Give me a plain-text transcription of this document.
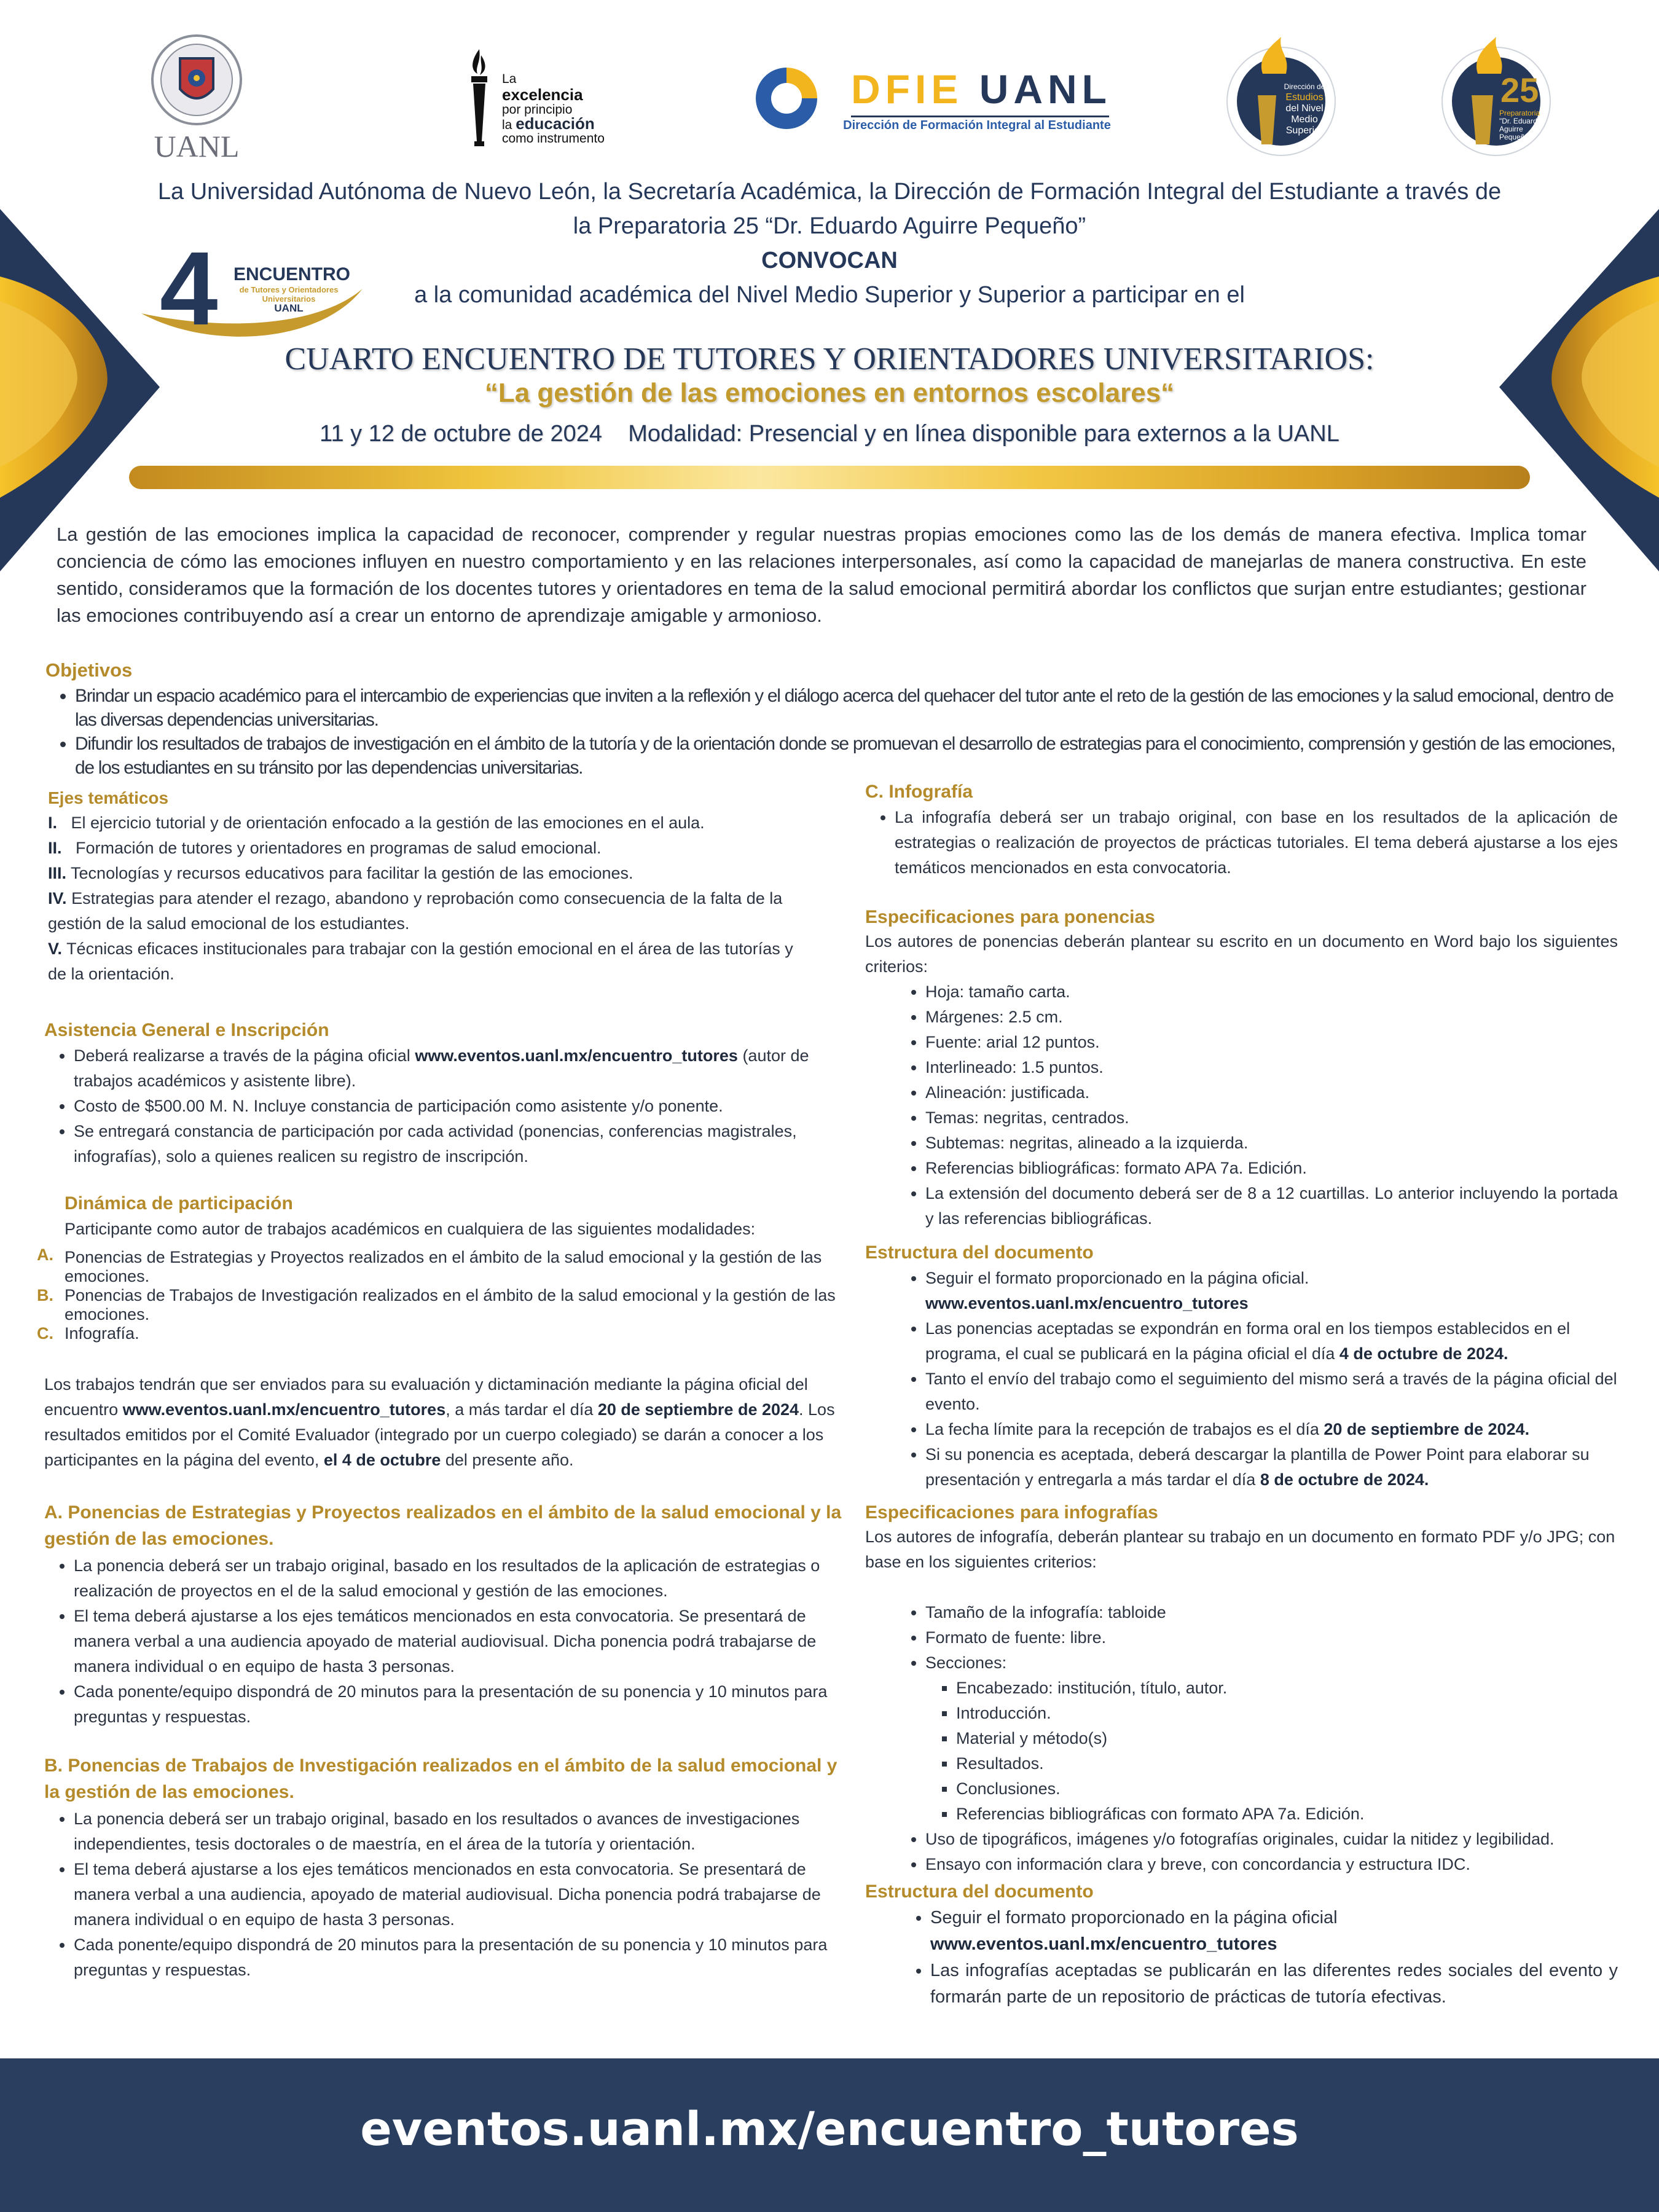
UANL
La
excelencia
por principio
la educación
como instrumento
DFIE UANL
Dirección de Formación Integral al Estudiante
Dirección de
Estudios
del Nivel
Medio
Superior
25
Preparatoria
"Dr. Eduardo
Aguirre
Pequeño"
La Universidad Autónoma de Nuevo León, la Secretaría Académica, la Dirección de Formación Integral del Estudiante a través de
la Preparatoria 25 “Dr. Eduardo Aguirre Pequeño”
CONVOCAN
a la comunidad académica del Nivel Medio Superior y Superior a participar en el
4 ENCUENTRO
de Tutores y Orientadores
Universitarios
UANL
CUARTO ENCUENTRO DE TUTORES Y ORIENTADORES UNIVERSITARIOS:
“La gestión de las emociones en entornos escolares“
11 y 12 de octubre de 2024 Modalidad: Presencial y en línea disponible para externos a la UANL
La gestión de las emociones implica la capacidad de reconocer, comprender y regular nuestras propias emociones como las de los demás de manera efectiva. Implica tomar conciencia de cómo las emociones influyen en nuestro comportamiento y en las relaciones interpersonales, así como la capacidad de manejarlas de manera constructiva. En este sentido, consideramos que la formación de los docentes tutores y orientadores en tema de la salud emocional permitirá abordar los conflictos que surjan entre estudiantes; gestionar las emociones contribuyendo así a crear un entorno de aprendizaje amigable y armonioso.
Objetivos
• Brindar un espacio académico para el intercambio de experiencias que inviten a la reflexión y el diálogo acerca del quehacer del tutor ante el reto de la gestión de las emociones y la salud emocional, dentro de las diversas dependencias universitarias.
• Difundir los resultados de trabajos de investigación en el ámbito de la tutoría y de la orientación donde se promuevan el desarrollo de estrategias para el conocimiento, comprensión y gestión de las emociones, de los estudiantes en su tránsito por las dependencias universitarias.
Ejes temáticos
I. El ejercicio tutorial y de orientación enfocado a la gestión de las emociones en el aula.
II. Formación de tutores y orientadores en programas de salud emocional.
III. Tecnologías y recursos educativos para facilitar la gestión de las emociones.
IV. Estrategias para atender el rezago, abandono y reprobación como consecuencia de la falta de la gestión de la salud emocional de los estudiantes.
V. Técnicas eficaces institucionales para trabajar con la gestión emocional en el área de las tutorías y de la orientación.
Asistencia General e Inscripción
• Deberá realizarse a través de la página oficial www.eventos.uanl.mx/encuentro_tutores (autor de trabajos académicos y asistente libre).
• Costo de $500.00 M. N. Incluye constancia de participación como asistente y/o ponente.
• Se entregará constancia de participación por cada actividad (ponencias, conferencias magistrales, infografías), solo a quienes realicen su registro de inscripción.
Dinámica de participación
Participante como autor de trabajos académicos en cualquiera de las siguientes modalidades:
A. Ponencias de Estrategias y Proyectos realizados en el ámbito de la salud emocional y la gestión de las emociones.
B. Ponencias de Trabajos de Investigación realizados en el ámbito de la salud emocional y la gestión de las emociones.
C. Infografía.
Los trabajos tendrán que ser enviados para su evaluación y dictaminación mediante la página oficial del encuentro www.eventos.uanl.mx/encuentro_tutores, a más tardar el día 20 de septiembre de 2024. Los resultados emitidos por el Comité Evaluador (integrado por un cuerpo colegiado) se darán a conocer a los participantes en la página del evento, el 4 de octubre del presente año.
A. Ponencias de Estrategias y Proyectos realizados en el ámbito de la salud emocional y la gestión de las emociones.
• La ponencia deberá ser un trabajo original, basado en los resultados de la aplicación de estrategias o realización de proyectos en el de la salud emocional y gestión de las emociones.
• El tema deberá ajustarse a los ejes temáticos mencionados en esta convocatoria. Se presentará de manera verbal a una audiencia apoyado de material audiovisual. Dicha ponencia podrá trabajarse de manera individual o en equipo de hasta 3 personas.
• Cada ponente/equipo dispondrá de 20 minutos para la presentación de su ponencia y 10 minutos para preguntas y respuestas.
B. Ponencias de Trabajos de Investigación realizados en el ámbito de la salud emocional y la gestión de las emociones.
• La ponencia deberá ser un trabajo original, basado en los resultados o avances de investigaciones independientes, tesis doctorales o de maestría, en el área de la tutoría y orientación.
• El tema deberá ajustarse a los ejes temáticos mencionados en esta convocatoria. Se presentará de manera verbal a una audiencia, apoyado de material audiovisual. Dicha ponencia podrá trabajarse de manera individual o en equipo de hasta 3 personas.
• Cada ponente/equipo dispondrá de 20 minutos para la presentación de su ponencia y 10 minutos para preguntas y respuestas.
C. Infografía
• La infografía deberá ser un trabajo original, con base en los resultados de la aplicación de estrategias o realización de proyectos de prácticas tutoriales. El tema deberá ajustarse a los ejes temáticos mencionados en esta convocatoria.
Especificaciones para ponencias
Los autores de ponencias deberán plantear su escrito en un documento en Word bajo los siguientes criterios:
• Hoja: tamaño carta.
• Márgenes: 2.5 cm.
• Fuente: arial 12 puntos.
• Interlineado: 1.5 puntos.
• Alineación: justificada.
• Temas: negritas, centrados.
• Subtemas: negritas, alineado a la izquierda.
• Referencias bibliográficas: formato APA 7a. Edición.
• La extensión del documento deberá ser de 8 a 12 cuartillas. Lo anterior incluyendo la portada y las referencias bibliográficas.
Estructura del documento
• Seguir el formato proporcionado en la página oficial.
www.eventos.uanl.mx/encuentro_tutores
• Las ponencias aceptadas se expondrán en forma oral en los tiempos establecidos en el programa, el cual se publicará en la página oficial el día 4 de octubre de 2024.
• Tanto el envío del trabajo como el seguimiento del mismo será a través de la página oficial del evento.
• La fecha límite para la recepción de trabajos es el día 20 de septiembre de 2024.
• Si su ponencia es aceptada, deberá descargar la plantilla de Power Point para elaborar su presentación y entregarla a más tardar el día 8 de octubre de 2024.
Especificaciones para infografías
Los autores de infografía, deberán plantear su trabajo en un documento en formato PDF y/o JPG; con base en los siguientes criterios:
• Tamaño de la infografía: tabloide
• Formato de fuente: libre.
• Secciones:
▪ Encabezado: institución, título, autor.
▪ Introducción.
▪ Material y método(s)
▪ Resultados.
▪ Conclusiones.
▪ Referencias bibliográficas con formato APA 7a. Edición.
• Uso de tipográficos, imágenes y/o fotografías originales, cuidar la nitidez y legibilidad.
• Ensayo con información clara y breve, con concordancia y estructura IDC.
Estructura del documento
• Seguir el formato proporcionado en la página oficial
www.eventos.uanl.mx/encuentro_tutores
• Las infografías aceptadas se publicarán en las diferentes redes sociales del evento y formarán parte de un repositorio de prácticas de tutoría efectivas.
eventos.uanl.mx/encuentro_tutores
